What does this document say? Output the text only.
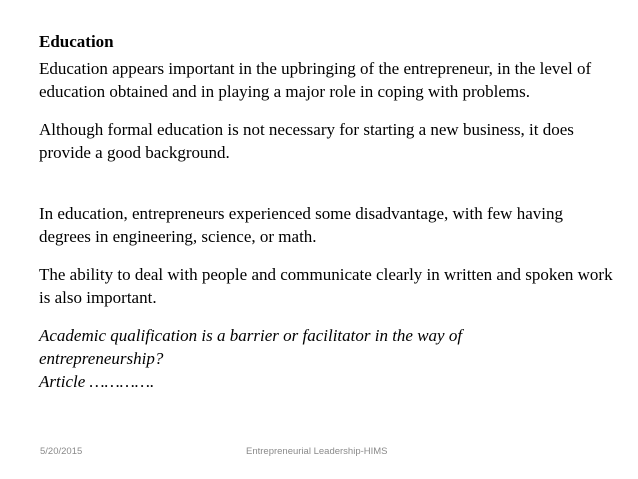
Education

Education appears important in the upbringing of the entrepreneur, in the level of education obtained and in playing a major role in coping with problems.

Although formal education is not necessary for starting a new business, it does provide a good background.

In education, entrepreneurs experienced some disadvantage, with few having degrees in engineering, science, or math.

The ability to deal with people and communicate clearly in written and spoken work is also important.

Academic qualification is a barrier or facilitator in the way of

entrepreneurship?

Article ………….

5/20/2015	Entrepreneurial Leadership-HIMS
